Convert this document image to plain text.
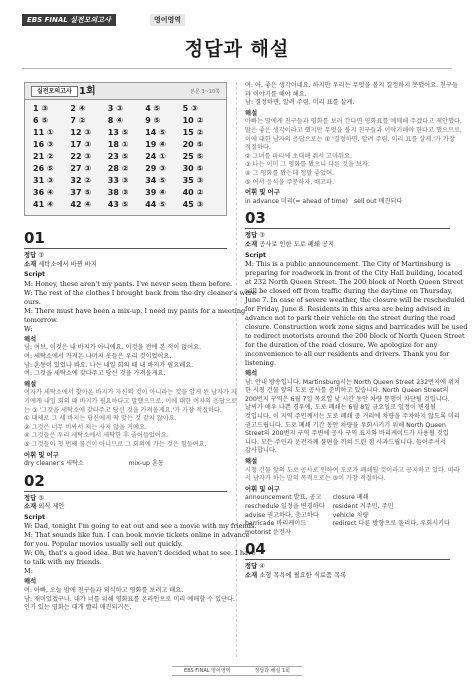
EBS FINAL 실전모의고사	영어영역
정답과 해설
실전모의고사 1회	본문 3~10쪽
1 ③	2 ④	3 ③	4 ⑤	5 ③
6 ⑤	7 ②	8 ④	9 ⑤	10 ②
11 ①	12 ③	13 ⑤	14 ⑤	15 ②
16 ③	17 ③	18 ①	19 ④	20 ⑤
21 ②	22 ③	23 ⑤	24 ①	25 ⑤
26 ⑤	27 ③	28 ②	29 ③	30 ⑤
31 ③	32 ②	33 ③	34 ⑤	35 ③
36 ④	37 ⑤	38 ③	39 ④	40 ②
41 ④	42 ④	43 ⑤	44 ⑤	45 ③
01
정답 ③
소재 세탁소에서 바뀐 바지
Script
M: Honey, these aren't my pants. I've never seen them before.
W: The rest of the clothes I brought back from the dry cleaner's were
ours.
M: There must have been a mix-up. I need my pants for a meeting
tomorrow.
W:
해석
남: 여보, 이것은 내 바지가 아니에요. 이것을 전에 본 적이 없어요.
여: 세탁소에서 가져온 나머지 옷들은 우리 것이었어요.
남: 혼동이 있었나 봐요. 나는 내일 회의 때 내 바지가 필요해요.
여: 그것을 세탁소에 갖다주고 당신 것을 가져올게요.
해설
여자가 세탁소에서 찾아온 바지가 자신의 것이 아니라는 것을 알게 된 남자가 자
기에게 내일 회의 때 바지가 필요하다고 말했으므로, 이에 대한 여자의 응답으로
는 ③ '그것을 세탁소에 갖다주고 당신 것을 가져올게요.'가 가장 적절하다.
① 대체로 그 새 바지는 당신에게 딱 맞는 것 같지 않아요.
② 그것은 너무 비싸서 저는 사지 않을 거예요.
④ 그것들은 우리 세탁소에서 세탁한 후 줄어들었어요.
⑤ 그것들이 첫 번째 물건이 아니므로 그 회의에 가는 것은 힘들어요.
어휘 및 어구
dry cleaner's 세탁소	mix-up 혼동
02
정답 ③
소재 외식 제안
Script
W: Dad, tonight I'm going to eat out and see a movie with my friends.
M: That sounds like fun. I can book movie tickets online in advance
for you. Popular movies usually sell out quickly.
W: Oh, that's a good idea. But we haven't decided what to see. I have
to talk with my friends.
M:
해석
여: 아빠, 오늘 밤에 친구들과 외식하고 영화를 보려고 해요.
남: 재미있겠구나. 내가 너를 위해 영화표를 온라인으로 미리 예매할 수 있단다.
인기 있는 영화는 대개 빨리 매진되거든.
여: 아, 좋은 생각이네요. 하지만 우리는 무엇을 볼지 결정하지 못했어요. 친구들
과 이야기를 해야 해요.
남: 결정하면, 알려 주렴. 미리 표를 살게.
해설
아빠는 딸에게 친구들과 영화를 보러 간다면 영화표를 예매해 주겠다고 제안했다.
딸은 좋은 생각이라고 했지만 무엇을 볼지 친구들과 이야기해야 한다고 했으므로,
이에 대한 남자의 응답으로는 ① '결정하면, 알려 주렴. 미리 표를 살게.'가 가장
적절하다.
② 그녀를 파티에 초대해 줘서 고마워요.
③ 나는 이미 그 영화를 봤으니 다른 것을 보자.
④ 그 영화를 봤는데 정말 좋았어.
⑤ 어서 음식을 주문하자, 배고파.
어휘 및 어구
in advance 미리(= ahead of time) sell out 매진되다
03
정답 ③
소재 공사로 인한 도로 폐쇄 공지
Script
M: This is a public announcement. The City of Martinsburg is
preparing for roadwork in front of the City Hall building, located
at 232 North Queen Street. The 200 block of North Queen Street
will be closed off from traffic during the daytime on Thursday,
June 7. In case of severe weather, the closure will be rescheduled
for Friday, June 8. Residents in this area are being advised in
advance not to park their vehicle on the street during the road
closure. Construction work zone signs and barricades will be used
to redirect motorists around the 200 block of North Queen Street
for the duration of the road closure. We apologize for any
inconvenience to all our residents and drivers. Thank you for
listening.
해석
남: 안내 방송입니다. Martinsburg시는 North Queen Street 232번지에 위치
한 시청 건물 앞의 도로 공사를 준비하고 있습니다. North Queen Street의
200번지 구역은 6월 7일 목요일 낮 시간 동안 차량 통행이 차단될 것입니다.
날씨가 매우 나쁜 경우에, 도로 폐쇄는 6월 8일 금요일로 일정이 변경될
것입니다. 이 지역 주민께서는 도로 폐쇄 중 거리에 차량을 주차하지 않도록 미리
권고드립니다. 도로 폐쇄 기간 동안 차량을 우회시키기 위해 North Queen
Street의 200번지 구역 주변에 공사 구역 표지와 바리케이드가 사용될 것입
니다. 모든 주민과 운전자께 불편을 끼쳐 드린 점 사과드립니다. 들어주셔서
감사합니다.
해설
시청 건물 앞의 도로 공사로 인하여 도로가 폐쇄될 것이라고 공지하고 있다. 따라
서 남자가 하는 말의 목적으로는 ③이 가장 적절하다.
어휘 및 어구
announcement 발표, 공고	closure 폐쇄
reschedule 일정을 변경하다 resident 거주민, 주민
advise 권고하다, 충고하다	vehicle 차량
barricade 바리케이드	redirect 다른 방향으로 돌리다, 우회시키다
motorist 운전자
04
정답 ④
소재 소형 목욕에 필요한 식료품 목록
EBS FINAL 영어영역	정답과 해설 1회
